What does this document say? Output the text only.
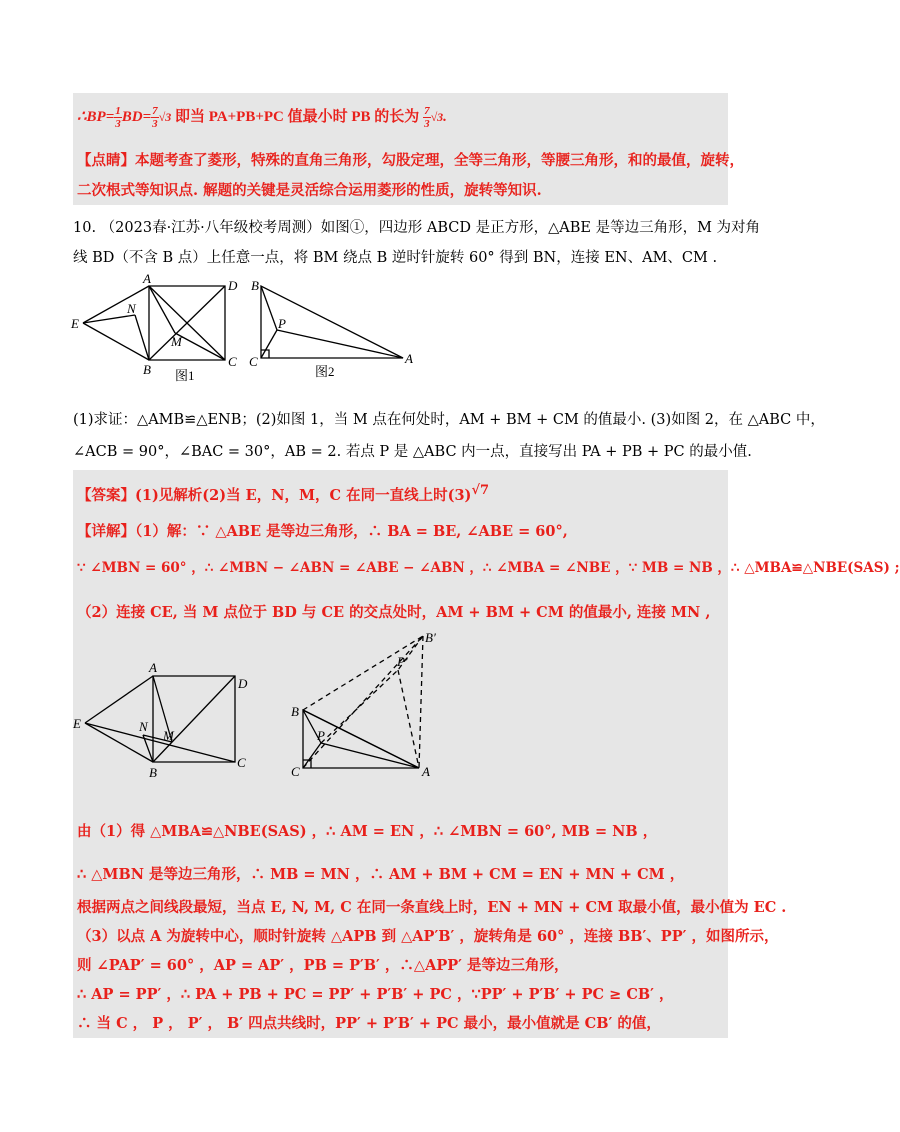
∴BP= $\frac{1}{3} BD= \frac{7}{3} √3$ 即当 PA+PB+PC 值最小时 PB 的长为 $\frac{7}{3} √3$.
【点睛】本题考查了菱形，特殊的直角三角形，勾股定理，全等三角形，等腰三角形，和的最值，旋转，
二次根式等知识点. 解题的关键是灵活综合运用菱形的性质，旋转等知识.
10. （2023春·江苏·八年级校考周测）如图①，四边形 ABCD 是正方形，△ABE 是等边三角形，M 为对角
线 BD（不含 B 点）上任意一点，将 BM 绕点 B 逆时针旋转 60° 得到 BN，连接 EN、AM、CM .
A	D
E
N
M
B
C
图1
B
P
C	A
图2
(1)求证：△AMB≌△ENB；(2)如图 1，当 M 点在何处时，AM + BM + CM 的值最小. (3)如图 2，在 △ABC 中，
∠ACB = 90°，∠BAC = 30°，AB = 2. 若点 P 是 △ABC 内一点，直接写出 PA + PB + PC 的最小值.
【答案】(1)见解析(2)当 E，N，M，C 在同一直线上时(3)√7
【详解】（1）解：∵ △ABE 是等边三角形，∴ BA = BE, ∠ABE = 60°,
∵ ∠MBN = 60° ，∴ ∠MBN − ∠ABN = ∠ABE − ∠ABN ，∴ ∠MBA = ∠NBE ，∵ MB = NB ，∴ △MBA≌△NBE(SAS) ;
（2）连接 CE, 当 M 点位于 BD 与 CE 的交点处时，AM + BM + CM 的值最小, 连接 MN ,
A
D
E	N
M
B
C
B′
P′
B
P
C	A
由（1）得 △MBA≌△NBE(SAS) ，∴ AM = EN ，∴ ∠MBN = 60°, MB = NB ，
∴ △MBN 是等边三角形，∴ MB = MN ，∴ AM + BM + CM = EN + MN + CM ，
根据两点之间线段最短，当点 E, N, M, C 在同一条直线上时，EN + MN + CM 取最小值，最小值为 EC .
（3）以点 A 为旋转中心，顺时针旋转 △APB 到 △AP′B′ ，旋转角是 60° ，连接 BB′、PP′ ，如图所示，
则 ∠PAP′ = 60° ，AP = AP′ ，PB = P′B′ ，∴△APP′ 是等边三角形，
∴ AP = PP′ ，∴ PA + PB + PC = PP′ + P′B′ + PC ，∵PP′ + P′B′ + PC ≥ CB′ ，
∴ 当 C ， P ， P′ ， B′ 四点共线时，PP′ + P′B′ + PC 最小，最小值就是 CB′ 的值，
